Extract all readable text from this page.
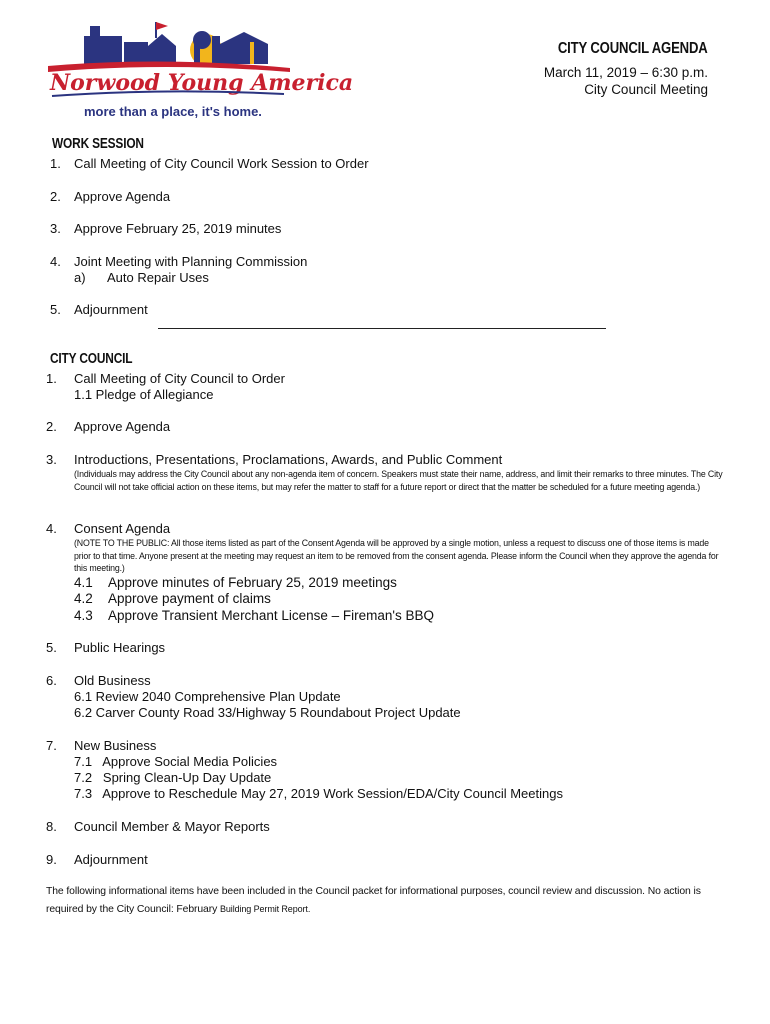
Norwood Young America
more than a place, it's home.
CITY COUNCIL AGENDA
March 11, 2019 – 6:30 p.m.
City Council Meeting
WORK SESSION
1. Call Meeting of City Council Work Session to Order
2. Approve Agenda
3. Approve February 25, 2019 minutes
4. Joint Meeting with Planning Commission
a) Auto Repair Uses
5. Adjournment
CITY COUNCIL
1. Call Meeting of City Council to Order
1.1 Pledge of Allegiance
2. Approve Agenda
3. Introductions, Presentations, Proclamations, Awards, and Public Comment
(Individuals may address the City Council about any non-agenda item of concern. Speakers must state their name, address, and limit their remarks to three minutes. The City Council will not take official action on these items, but may refer the matter to staff for a future report or direct that the matter be scheduled for a future meeting agenda.)
4. Consent Agenda
(NOTE TO THE PUBLIC: All those items listed as part of the Consent Agenda will be approved by a single motion, unless a request to discuss one of those items is made prior to that time. Anyone present at the meeting may request an item to be removed from the consent agenda. Please inform the Council when they approve the agenda for this meeting.)
4.1 Approve minutes of February 25, 2019 meetings
4.2 Approve payment of claims
4.3 Approve Transient Merchant License – Fireman's BBQ
5. Public Hearings
6. Old Business
6.1 Review 2040 Comprehensive Plan Update
6.2 Carver County Road 33/Highway 5 Roundabout Project Update
7. New Business
7.1   Approve Social Media Policies
7.2   Spring Clean-Up Day Update
7.3   Approve to Reschedule May 27, 2019 Work Session/EDA/City Council Meetings
8. Council Member & Mayor Reports
9. Adjournment
The following informational items have been included in the Council packet for informational purposes, council review and discussion. No action is required by the City Council: February Building Permit Report.
